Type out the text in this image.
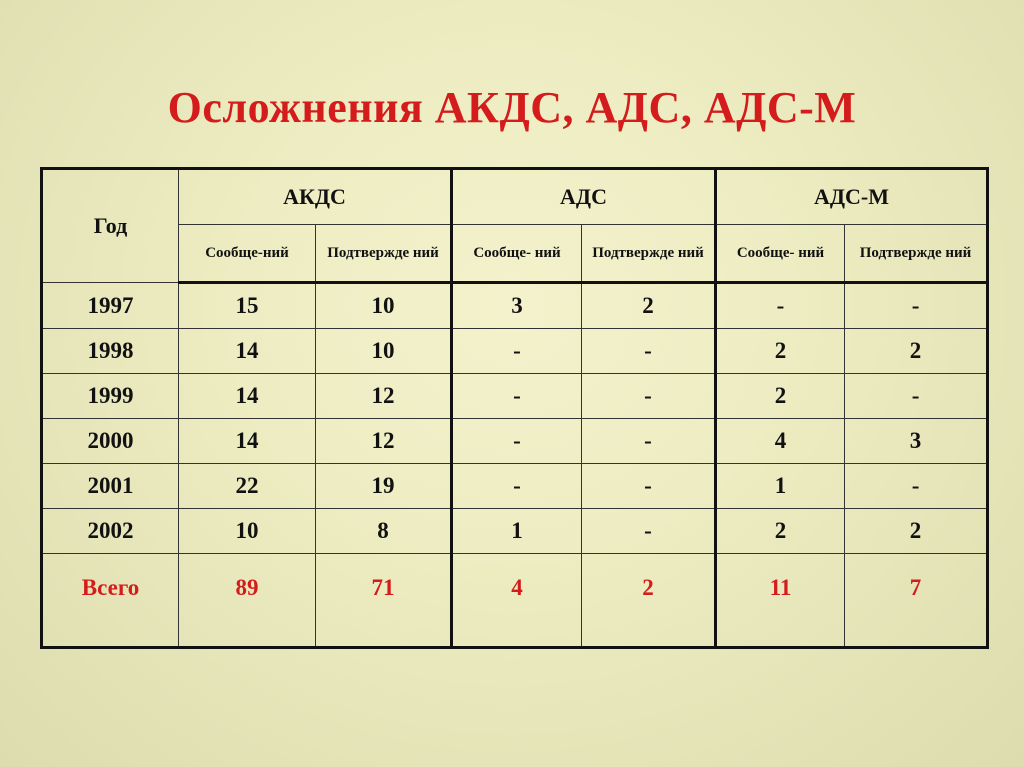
Осложнения АКДС, АДС, АДС-М
Год	АКДС		АДС		АДС-М	
	Сообще-ний	Подтвержде ний	Сообще- ний	Подтвержде ний	Сообще- ний	Подтвержде ний
1997	15	10	3	2	-	-
1998	14	10	-	-	2	2
1999	14	12	-	-	2	-
2000	14	12	-	-	4	3
2001	22	19	-	-	1	-
2002	10	8	1	-	2	2
Всего	89	71	4	2	11	7
